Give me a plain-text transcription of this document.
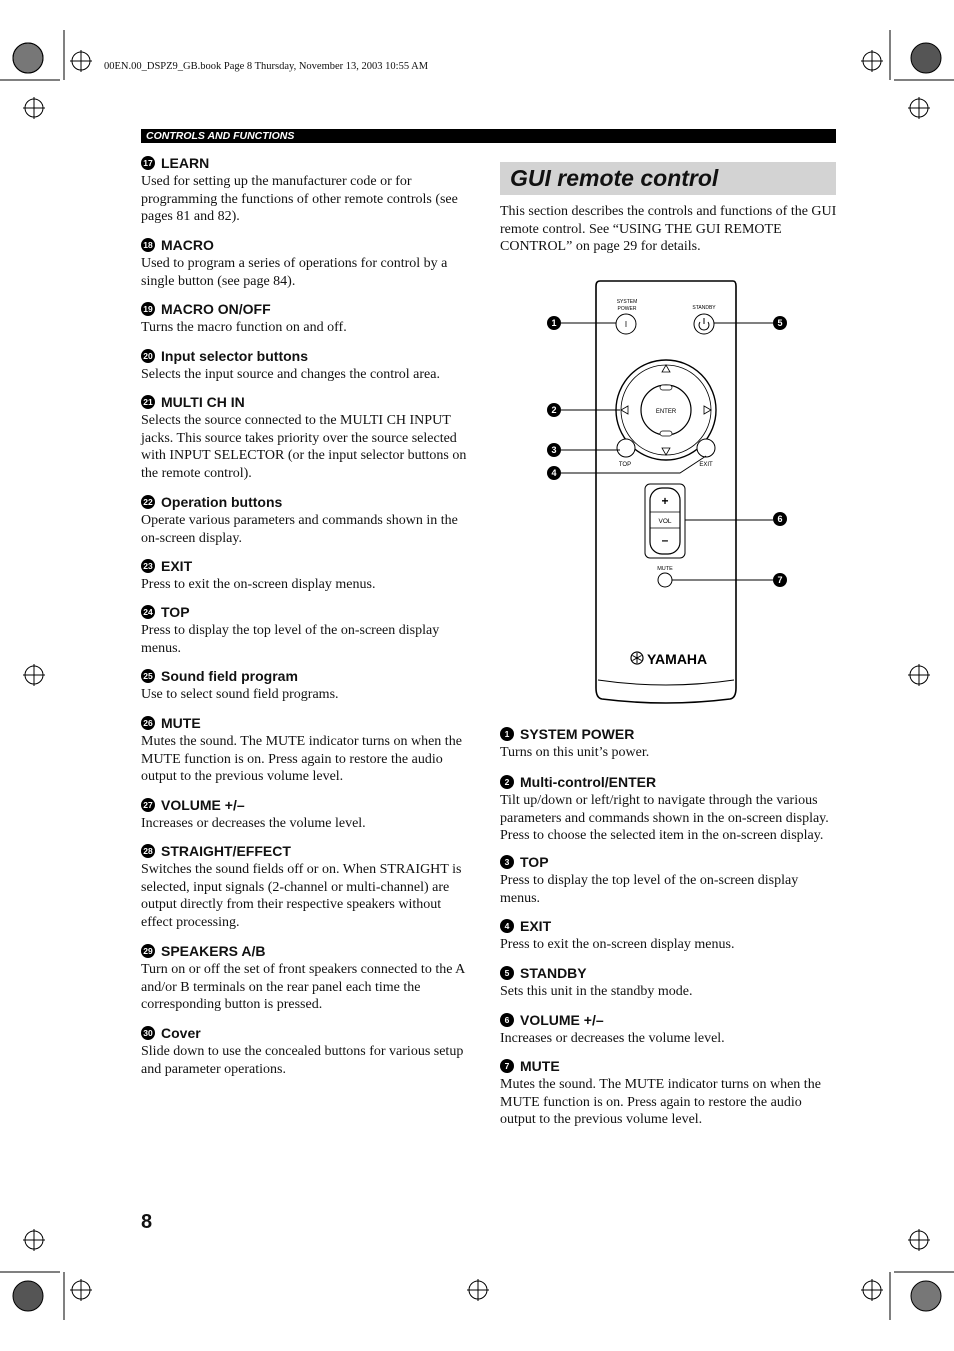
00EN.00_DSPZ9_GB.book Page 8 Thursday, November 13, 2003 10:55 AM
CONTROLS AND FUNCTIONS
17 LEARN
Used for setting up the manufacturer code or for programming the functions of other remote controls (see pages 81 and 82).
18 MACRO
Used to program a series of operations for control by a single button (see page 84).
19 MACRO ON/OFF
Turns the macro function on and off.
20 Input selector buttons
Selects the input source and changes the control area.
21 MULTI CH IN
Selects the source connected to the MULTI CH INPUT jacks. This source takes priority over the source selected with INPUT SELECTOR (or the input selector buttons on the remote control).
22 Operation buttons
Operate various parameters and commands shown in the on-screen display.
23 EXIT
Press to exit the on-screen display menus.
24 TOP
Press to display the top level of the on-screen display menus.
25 Sound field program
Use to select sound field programs.
26 MUTE
Mutes the sound. The MUTE indicator turns on when the MUTE function is on. Press again to restore the audio output to the previous volume level.
27 VOLUME +/–
Increases or decreases the volume level.
28 STRAIGHT/EFFECT
Switches the sound fields off or on. When STRAIGHT is selected, input signals (2-channel or multi-channel) are output directly from their respective speakers without effect processing.
29 SPEAKERS A/B
Turn on or off the set of front speakers connected to the A and/or B terminals on the rear panel each time the corresponding button is pressed.
30 Cover
Slide down to use the concealed buttons for various setup and parameter operations.
GUI remote control
This section describes the controls and functions of the GUI remote control. See “USING THE GUI REMOTE CONTROL” on page 29 for details.
SYSTEM
POWER
I
STANDBY
ENTER
TOP	EXIT
+
VOL
–
MUTE
YAMAHA
1
2
3
4
5
6
7
1 SYSTEM POWER
Turns on this unit’s power.
2 Multi-control/ENTER
Tilt up/down or left/right to navigate through the various parameters and commands shown in the on-screen display. Press to choose the selected item in the on-screen display.
3 TOP
Press to display the top level of the on-screen display menus.
4 EXIT
Press to exit the on-screen display menus.
5 STANDBY
Sets this unit in the standby mode.
6 VOLUME +/–
Increases or decreases the volume level.
7 MUTE
Mutes the sound. The MUTE indicator turns on when the MUTE function is on. Press again to restore the audio output to the previous volume level.
8
